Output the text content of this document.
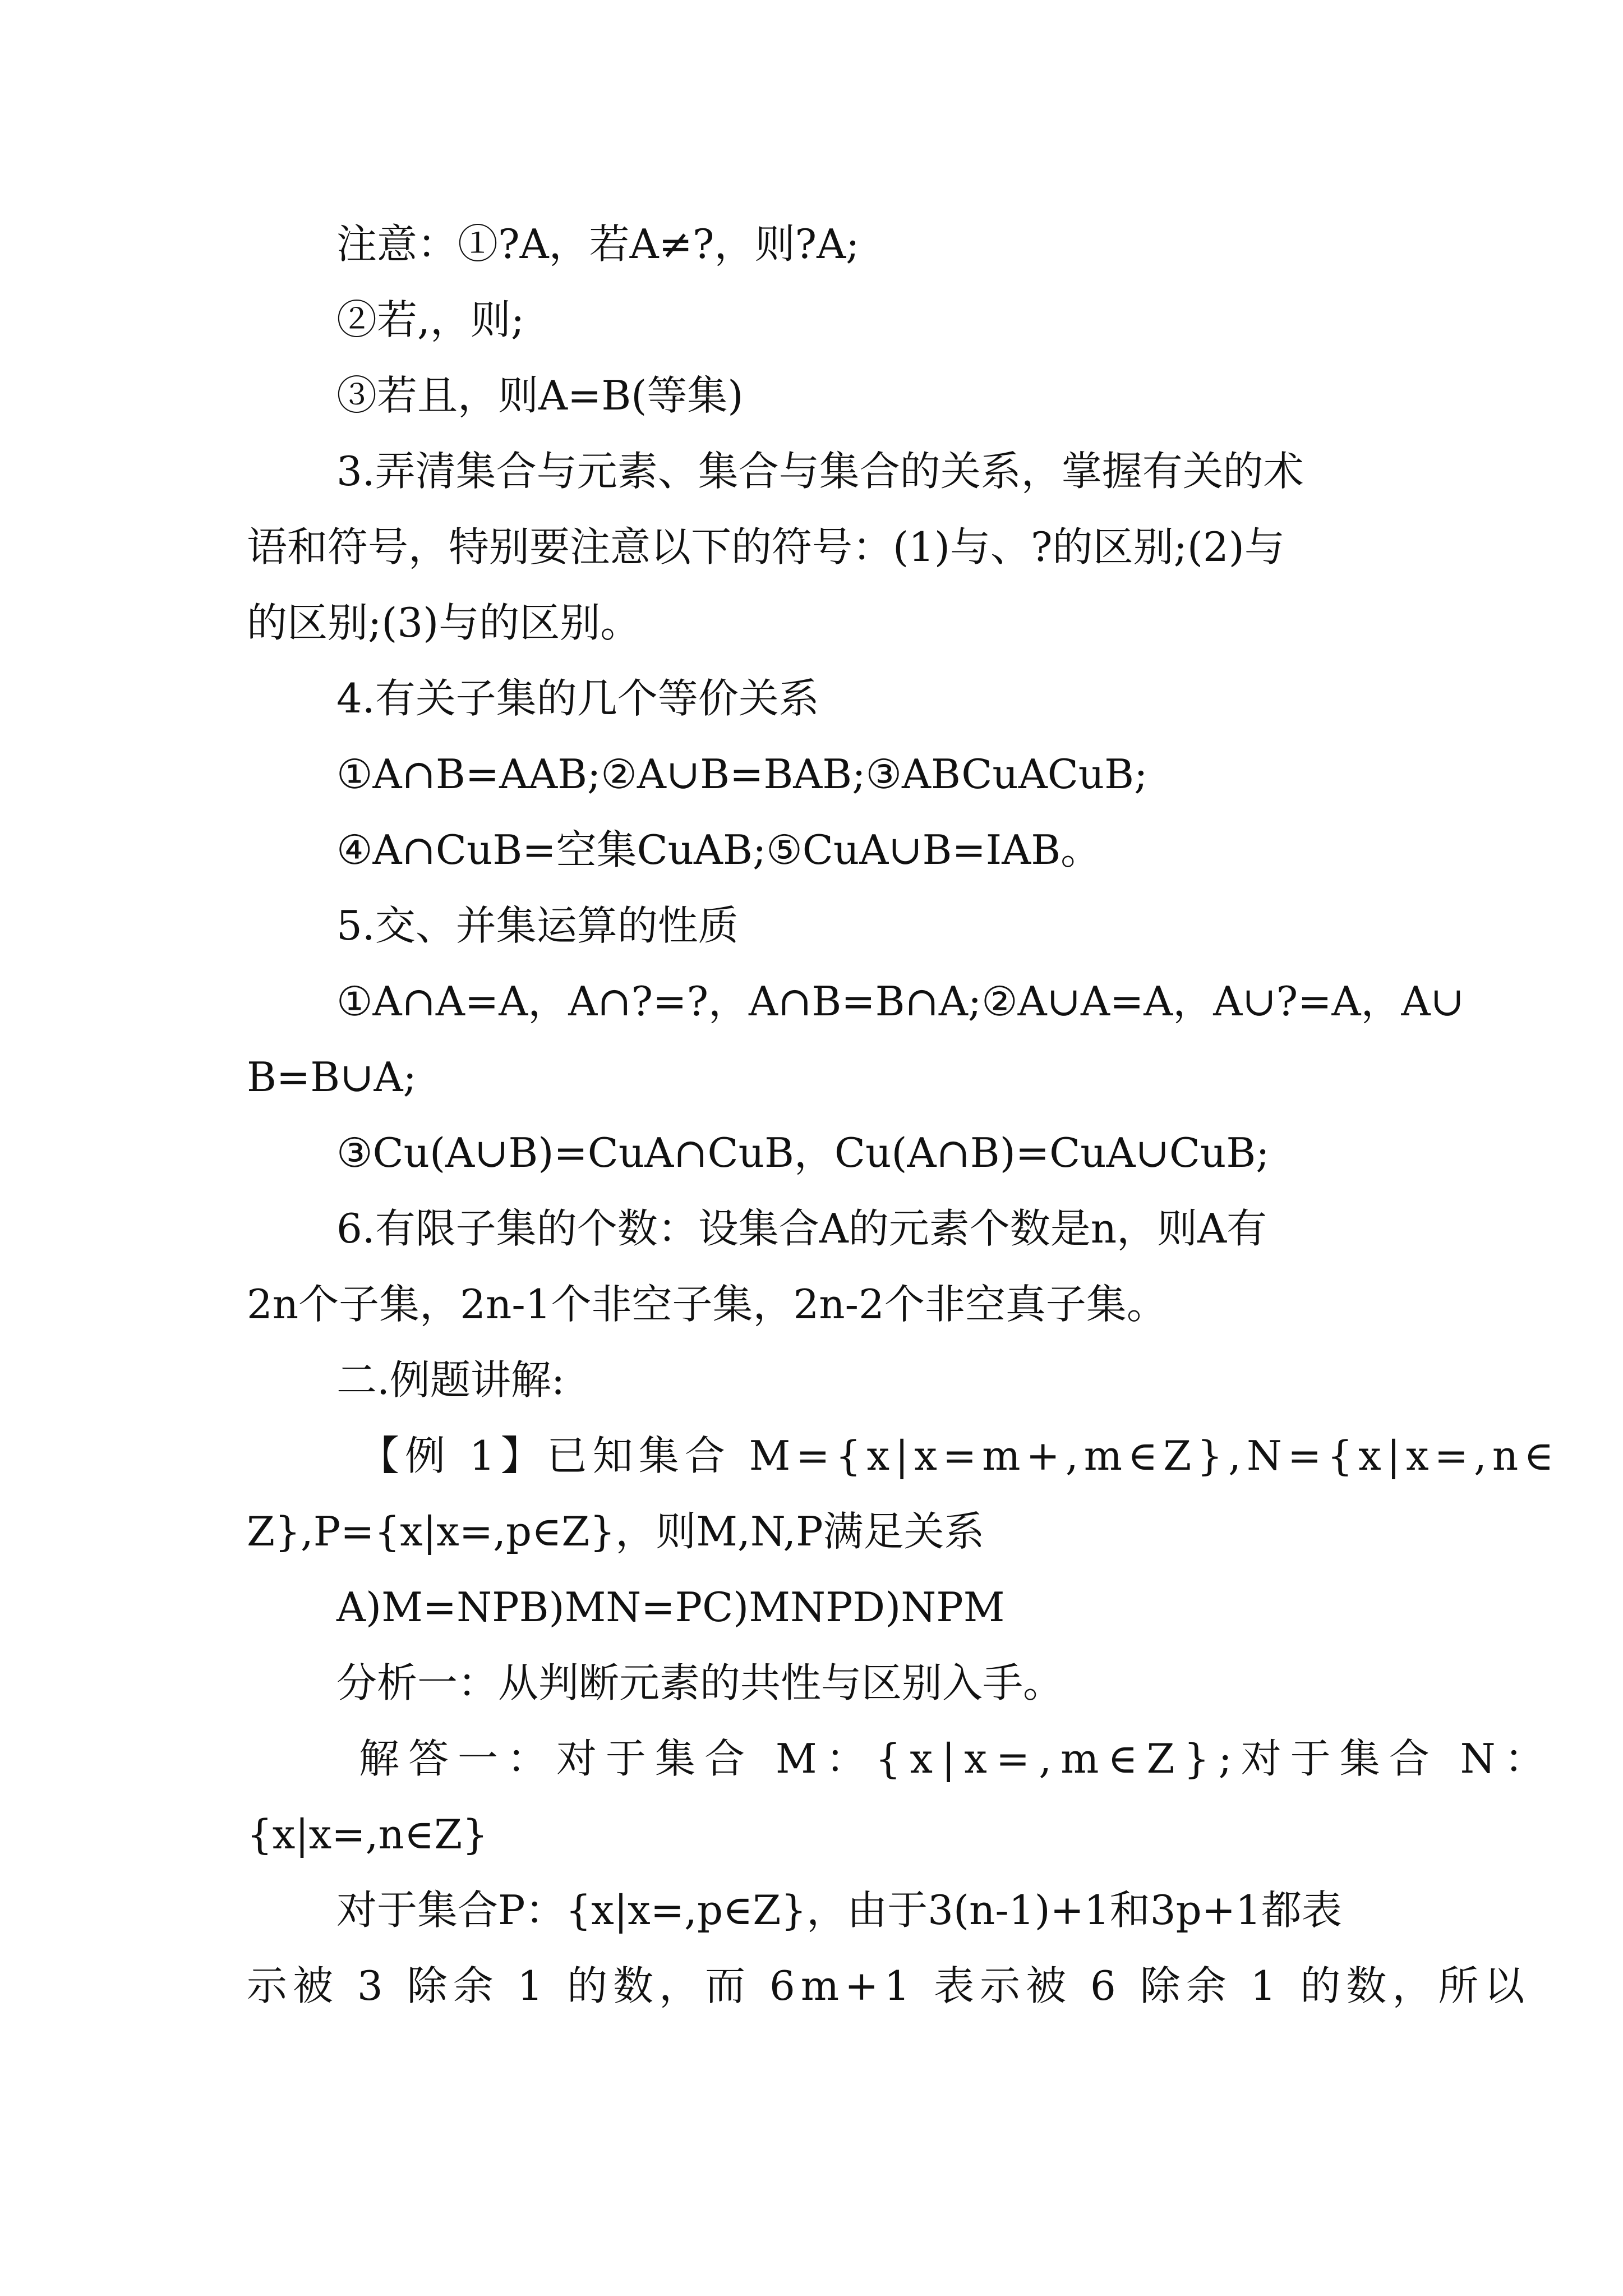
注意：①?A，若A≠?，则?A;
②若,，则;
③若且，则A=B(等集)
3.弄清集合与元素、集合与集合的关系，掌握有关的术
语和符号，特别要注意以下的符号：(1)与、?的区别;(2)与
的区别;(3)与的区别。
4.有关子集的几个等价关系
①A∩B=AAB;②A∪B=BAB;③ABCuACuB;
④A∩CuB=空集CuAB;⑤CuA∪B=IAB。
5.交、并集运算的性质
①A∩A=A，A∩?=?，A∩B=B∩A;②A∪A=A，A∪?=A，A∪
B=B∪A;
③Cu(A∪B)=CuA∩CuB，Cu(A∩B)=CuA∪CuB;
6.有限子集的个数：设集合A的元素个数是n，则A有
2n个子集，2n-1个非空子集，2n-2个非空真子集。
二.例题讲解:
【例 1】已知集合 M={x|x=m+,m∈Z},N={x|x=,n∈
Z},P={x|x=,p∈Z}，则M,N,P满足关系
A)M=NPB)MN=PC)MNPD)NPM
分析一：从判断元素的共性与区别入手。
解答一：对于集合 M：{x|x=,m∈Z};对于集合 N：
{x|x=,n∈Z}
对于集合P：{x|x=,p∈Z}，由于3(n-1)+1和3p+1都表
示被 3 除余 1 的数，而 6m+1 表示被 6 除余 1 的数，所以
